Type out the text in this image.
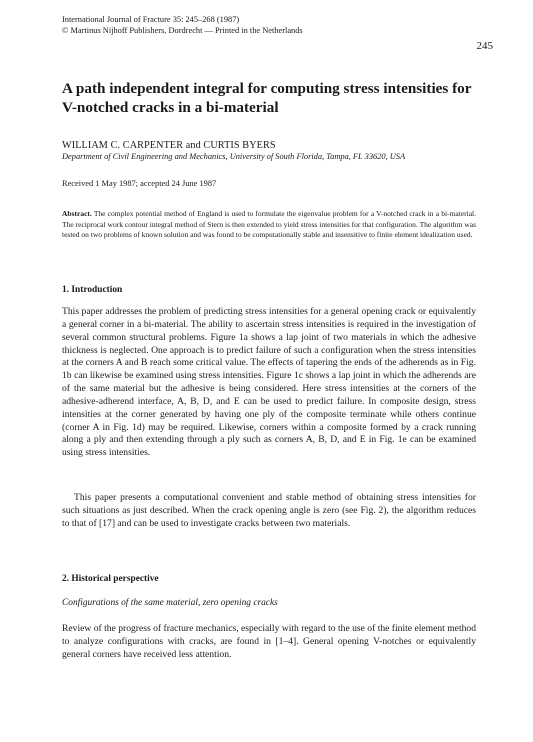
International Journal of Fracture 35: 245–268 (1987)
© Martinus Nijhoff Publishers, Dordrecht — Printed in the Netherlands
245
A path independent integral for computing stress intensities for V-notched cracks in a bi-material
WILLIAM C. CARPENTER and CURTIS BYERS
Department of Civil Engineering and Mechanics, University of South Florida, Tampa, FL 33620, USA
Received 1 May 1987; accepted 24 June 1987
Abstract. The complex potential method of England is used to formulate the eigenvalue problem for a V-notched crack in a bi-material. The reciprocal work contour integral method of Stern is then extended to yield stress intensities for that configuration. The algorithm was tested on two problems of known solution and was found to be computationally stable and insensitive to finite element idealization used.
1. Introduction

This paper addresses the problem of predicting stress intensities for a general opening crack or equivalently a general corner in a bi-material. The ability to ascertain stress intensities is required in the investigation of several common structural problems. Figure 1a shows a lap joint of two materials in which the adhesive thickness is neglected. One approach is to predict failure of such a configuration when the stress intensities at the corners A and B reach some critical value. The effects of tapering the ends of the adherends as in Fig. 1b can likewise be examined using stress intensities. Figure 1c shows a lap joint in which the adherends are of the same material but the adhesive is being considered. Here stress intensities at the corners of the adhesive-adherend interface, A, B, D, and E can be used to predict failure. In composite design, stress intensities at the corner generated by having one ply of the composite terminate while others continue (corner A in Fig. 1d) may be required. Likewise, corners within a composite formed by a crack running along a ply and then extending through a ply such as corners A, B, D, and E in Fig. 1e can be examined using stress intensities.

This paper presents a computational convenient and stable method of obtaining stress intensities for such situations as just described. When the crack opening angle is zero (see Fig. 2), the algorithm reduces to that of [17] and can be used to investigate cracks between two materials.

2. Historical perspective
Configurations of the same material, zero opening cracks

Review of the progress of fracture mechanics, especially with regard to the use of the finite element method to analyze configurations with cracks, are found in [1–4]. General opening V-notches or equivalently general corners have received less attention.
